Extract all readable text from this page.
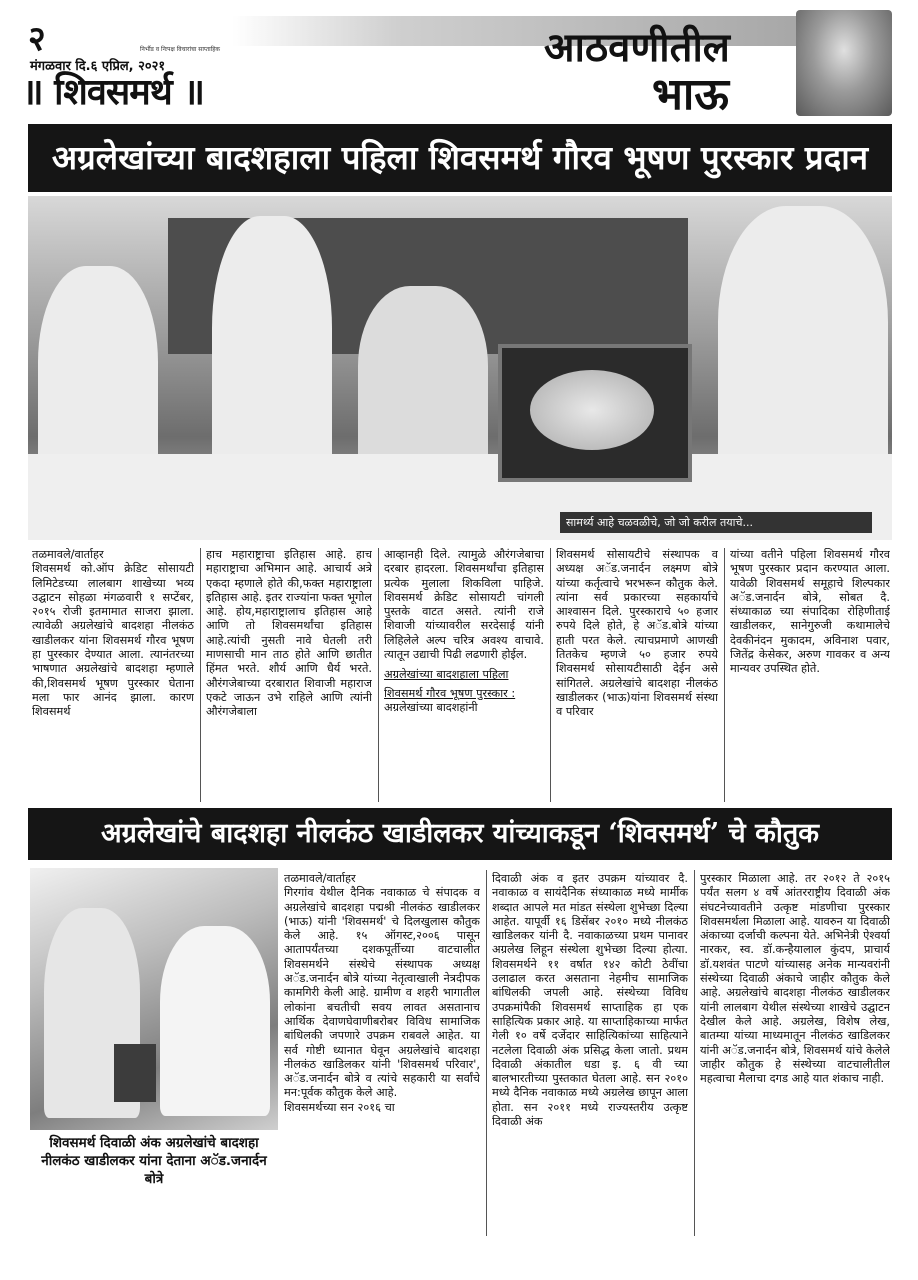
२	निर्भीड व निःपक्ष विचारांचा साप्ताहिक
मंगळवार दि.६ एप्रिल, २०२१
॥ शिवसमर्थ ॥
आठवणीतील
भाऊ
अग्रलेखांच्या बादशहाला पहिला शिवसमर्थ गौरव भूषण पुरस्कार प्रदान
सामर्थ्य आहे चळवळीचे, जो जो करील तयाचे...
तळमावले/वार्ताहर
शिवसमर्थ को.ऑप क्रेडिट सोसायटी लिमिटेडच्या लालबाग शाखेच्या भव्य उद्घाटन सोहळा मंगळवारी १ सप्टेंबर, २०१५ रोजी इतमामात साजरा झाला. त्यावेळी अग्रलेखांचे बादशहा नीलकंठ खाडीलकर यांना शिवसमर्थ गौरव भूषण हा पुरस्कार देण्यात आला. त्यानंतरच्या भाषणात अग्रलेखांचे बादशहा म्हणाले की,शिवसमर्थ भूषण पुरस्कार घेताना मला फार आनंद झाला. कारण शिवसमर्थ
हाच महाराष्ट्राचा इतिहास आहे. हाच महाराष्ट्राचा अभिमान आहे. आचार्य अत्रे एकदा म्हणाले होते की,फक्त महाराष्ट्राला इतिहास आहे. इतर राज्यांना फक्त भूगोल आहे. होय,महाराष्ट्रालाच इतिहास आहे आणि तो शिवसमर्थांचा इतिहास आहे.त्यांची नुसती नावे घेतली तरी माणसाची मान ताठ होते आणि छातीत हिंमत भरते. शौर्य आणि धैर्य भरते. औरंगजेबाच्या दरबारात शिवाजी महाराज एकटे जाऊन उभे राहिले आणि त्यांनी औरंगजेबाला
आव्हानही दिले. त्यामुळे औरंगजेबाचा दरबार हादरला. शिवसमर्थांचा इतिहास प्रत्येक मुलाला शिकविला पाहिजे. शिवसमर्थ क्रेडिट सोसायटी चांगली पुस्तके वाटत असते. त्यांनी राजे शिवाजी यांच्यावरील सरदेसाई यांनी लिहिलेले अल्प चरित्र अवश्य वाचावे. त्यातून उद्याची पिढी लढणारी होईल.
अग्रलेखांच्या बादशहाला पहिला
शिवसमर्थ गौरव भूषण पुरस्कार :
अग्रलेखांच्या बादशहांनी
शिवसमर्थ सोसायटीचे संस्थापक व अध्यक्ष अॅड.जनार्दन लक्ष्मण बोत्रे यांच्या कर्तृत्वाचे भरभरून कौतुक केले. त्यांना सर्व प्रकारच्या सहकार्याचे आश्वासन दिले. पुरस्काराचे ५० हजार रुपये दिले होते, हे अॅड.बोत्रे यांच्या हाती परत केले. त्याचप्रमाणे आणखी तितकेच म्हणजे ५० हजार रुपये शिवसमर्थ सोसायटीसाठी देईन असे सांगितले. अग्रलेखांचे बादशहा नीलकंठ खाडीलकर (भाऊ)यांना शिवसमर्थ संस्था व परिवार
यांच्या वतीने पहिला शिवसमर्थ गौरव भूषण पुरस्कार प्रदान करण्यात आला. यावेळी शिवसमर्थ समूहाचे शिल्पकार अॅड.जनार्दन बोत्रे, सोबत दै. संध्याकाळ च्या संपादिका रोहिणीताई खाडीलकर, सानेगुरुजी कथामालेचे देवकीनंदन मुकादम, अविनाश पवार, जितेंद्र केसेकर, अरुण गावकर व अन्य मान्यवर उपस्थित होते.
अग्रलेखांचे बादशहा नीलकंठ खाडीलकर यांच्याकडून ‘शिवसमर्थ’ चे कौतुक
शिवसमर्थ दिवाळी अंक अग्रलेखांचे बादशहा नीलकंठ खाडीलकर यांना देताना अॅड.जनार्दन बोत्रे
तळमावले/वार्ताहर
गिरगांव येथील दैनिक नवाकाळ चे संपादक व अग्रलेखांचे बादशहा पद्मश्री नीलकंठ खाडीलकर (भाऊ) यांनी 'शिवसमर्थ' चे दिलखुलास कौतुक केले आहे. १५ ऑगस्ट,२००६ पासून आतापर्यंतच्या दशकपूर्तीच्या वाटचालीत शिवसमर्थने संस्थेचे संस्थापक अध्यक्ष अॅड.जनार्दन बोत्रे यांच्या नेतृत्वाखाली नेत्रदीपक कामगिरी केली आहे. ग्रामीण व शहरी भागातील लोकांना बचतीची सवय लावत असतानाच आर्थिक देवाणघेवाणीबरोबर विविध सामाजिक बांधिलकी जपणारे उपक्रम राबवले आहेत. या सर्व गोष्टी ध्यानात घेवून अग्रलेखांचे बादशहा नीलकंठ खाडिलकर यांनी 'शिवसमर्थ परिवार', अॅड.जनार्दन बोत्रे व त्यांचे सहकारी या सर्वांचे मन:पूर्वक कौतुक केले आहे.
शिवसमर्थच्या सन २०१६ चा
दिवाळी अंक व इतर उपक्रम यांच्यावर दै. नवाकाळ व सायंदैनिक संध्याकाळ मध्ये मार्मीक शब्दात आपले मत मांडत संस्थेला शुभेच्छा दिल्या आहेत. यापूर्वी १६ डिसेंबर २०१० मध्ये नीलकंठ खाडिलकर यांनी दै. नवाकाळच्या प्रथम पानावर अग्रलेख लिहून संस्थेला शुभेच्छा दिल्या होत्या. शिवसमर्थने ११ वर्षात १४२ कोटी ठेवींचा उलाढाल करत असताना नेहमीच सामाजिक बांधिलकी जपली आहे. संस्थेच्या विविध उपक्रमांपैकी शिवसमर्थ साप्ताहिक हा एक साहित्यिक प्रकार आहे. या साप्ताहिकाच्या मार्फत गेली १० वर्षे दर्जेदार साहित्यिकांच्या साहित्याने नटलेला दिवाळी अंक प्रसिद्ध केला जातो. प्रथम दिवाळी अंकातील धडा इ. ६ वी च्या बालभारतीच्या पुस्तकात घेतला आहे. सन २०१० मध्ये दैनिक नवाकाळ मध्ये अग्रलेख छापून आला होता. सन २०११ मध्ये राज्यस्तरीय उत्कृष्ट दिवाळी अंक
पुरस्कार मिळाला आहे. तर २०१२ ते २०१५ पर्यंत सलग ४ वर्षे आंतरराष्ट्रीय दिवाळी अंक संघटनेच्यावतीने उत्कृष्ट मांडणीचा पुरस्कार शिवसमर्थला मिळाला आहे. यावरुन या दिवाळी अंकाच्या दर्जाची कल्पना येते. अभिनेत्री ऐश्वर्या नारकर, स्व. डॉ.कन्हैयालाल कुंदप, प्राचार्य डॉ.यशवंत पाटणे यांच्यासह अनेक मान्यवरांनी संस्थेच्या दिवाळी अंकाचे जाहीर कौतुक केले आहे. अग्रलेखांचे बादशहा नीलकंठ खाडीलकर यांनी लालबाग येथील संस्थेच्या शाखेचे उद्घाटन देखील केले आहे. अग्रलेख, विशेष लेख, बातम्या यांच्या माध्यमातून नीलकंठ खाडिलकर यांनी अॅड.जनार्दन बोत्रे, शिवसमर्थ यांचे केलेले जाहीर कौतुक हे संस्थेच्या वाटचालीतील महत्वाचा मैलाचा दगड आहे यात शंकाच नाही.
